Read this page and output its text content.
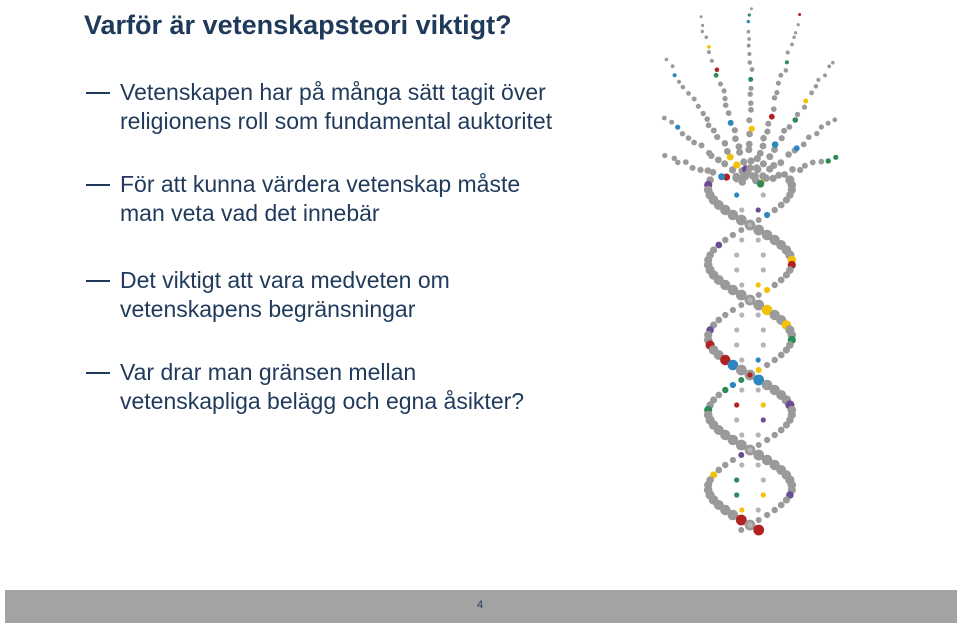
Varför är vetenskapsteori viktigt?
Vetenskapen har på många sätt tagit över
religionens roll som fundamental auktoritet
För att kunna värdera vetenskap måste
man veta vad det innebär
Det viktigt att vara medveten om
vetenskapens begränsningar
Var drar man gränsen mellan
vetenskapliga belägg och egna åsikter?
4
